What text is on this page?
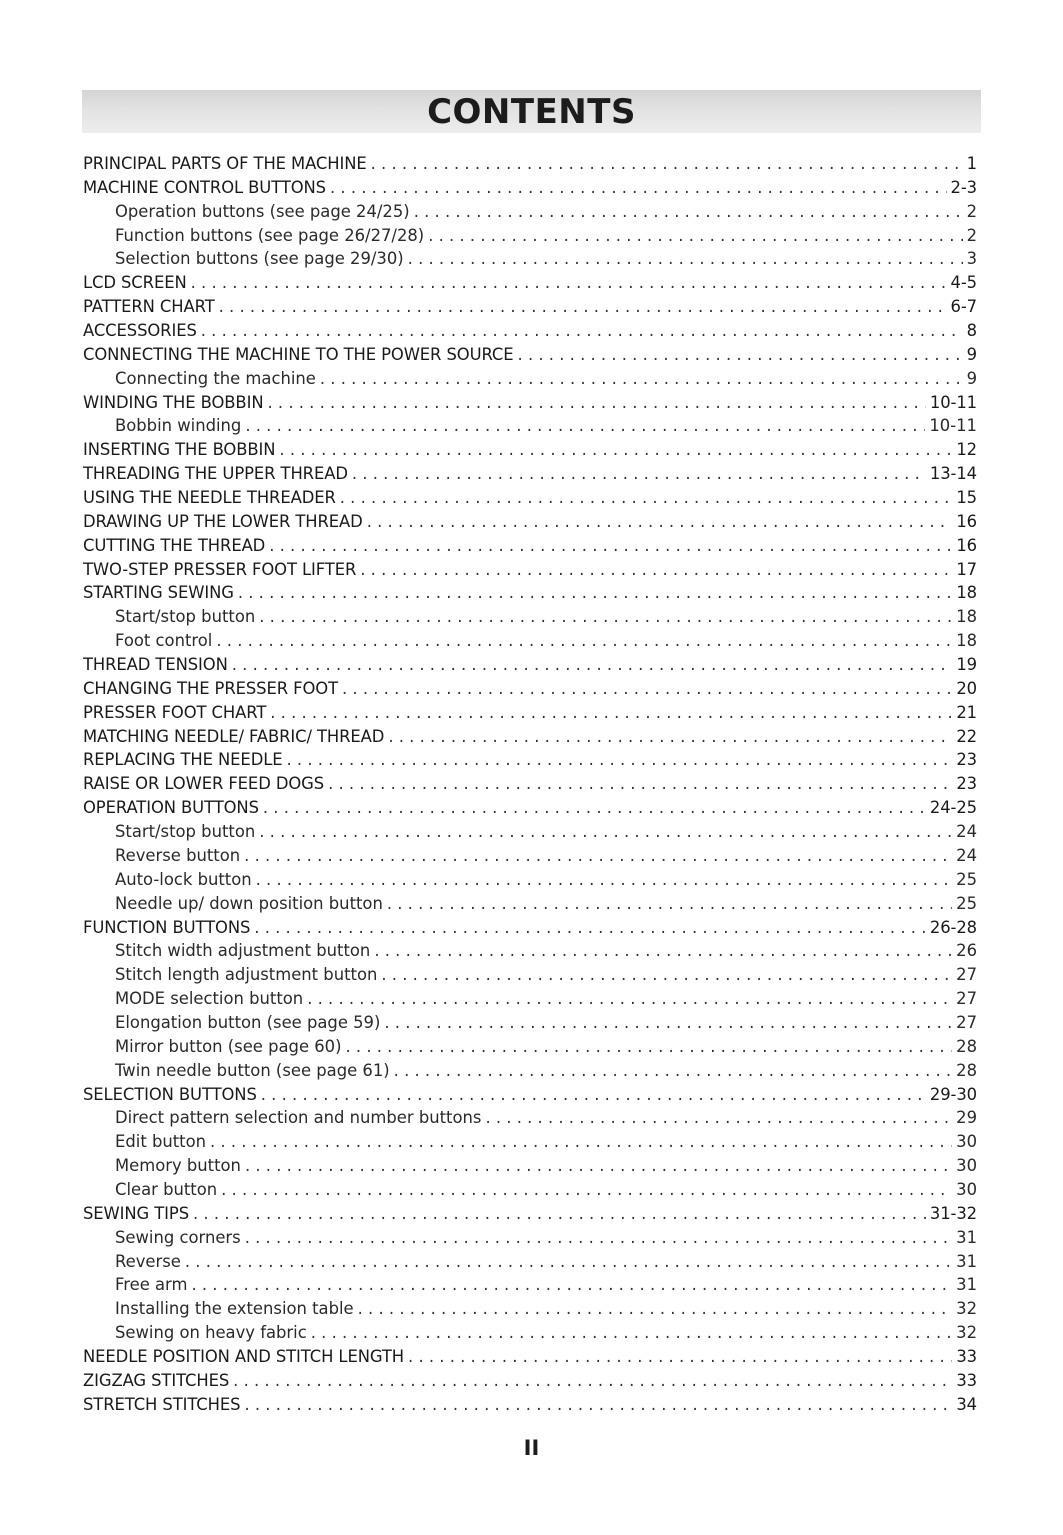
CONTENTS
PRINCIPAL PARTS OF THE MACHINE . . .	1
MACHINE CONTROL BUTTONS . . .	2-3
Operation buttons (see page 24/25) . . .	2
Function buttons (see page 26/27/28) . . .	2
Selection buttons (see page 29/30) . . .	3
LCD SCREEN . . .	4-5
PATTERN CHART . . .	6-7
ACCESSORIES . . .	8
CONNECTING THE MACHINE TO THE POWER SOURCE . . .	9
Connecting the machine . . .	9
WINDING THE BOBBIN . . .	10-11
Bobbin winding . . .	10-11
INSERTING THE BOBBIN . . .	12
THREADING THE UPPER THREAD . . .	13-14
USING THE NEEDLE THREADER . . .	15
DRAWING UP THE LOWER THREAD . . .	16
CUTTING THE THREAD . . .	16
TWO-STEP PRESSER FOOT LIFTER . . .	17
STARTING SEWING . . .	18
Start/stop button . . .	18
Foot control . . .	18
THREAD TENSION . . .	19
CHANGING THE PRESSER FOOT . . .	20
PRESSER FOOT CHART . . .	21
MATCHING NEEDLE/ FABRIC/ THREAD . . .	22
REPLACING THE NEEDLE . . .	23
RAISE OR LOWER FEED DOGS . . .	23
OPERATION BUTTONS . . .	24-25
Start/stop button . . .	24
Reverse button . . .	24
Auto-lock button . . .	25
Needle up/ down position button . . .	25
FUNCTION BUTTONS . . .	26-28
Stitch width adjustment button . . .	26
Stitch length adjustment button . . .	27
MODE selection button . . .	27
Elongation button (see page 59) . . .	27
Mirror button (see page 60) . . .	28
Twin needle button (see page 61) . . .	28
SELECTION BUTTONS . . .	29-30
Direct pattern selection and number buttons . . .	29
Edit button . . .	30
Memory button . . .	30
Clear button . . .	30
SEWING TIPS . . .	31-32
Sewing corners . . .	31
Reverse . . .	31
Free arm . . .	31
Installing the extension table . . .	32
Sewing on heavy fabric . . .	32
NEEDLE POSITION AND STITCH LENGTH . . .	33
ZIGZAG STITCHES . . .	33
STRETCH STITCHES . . .	34
II
